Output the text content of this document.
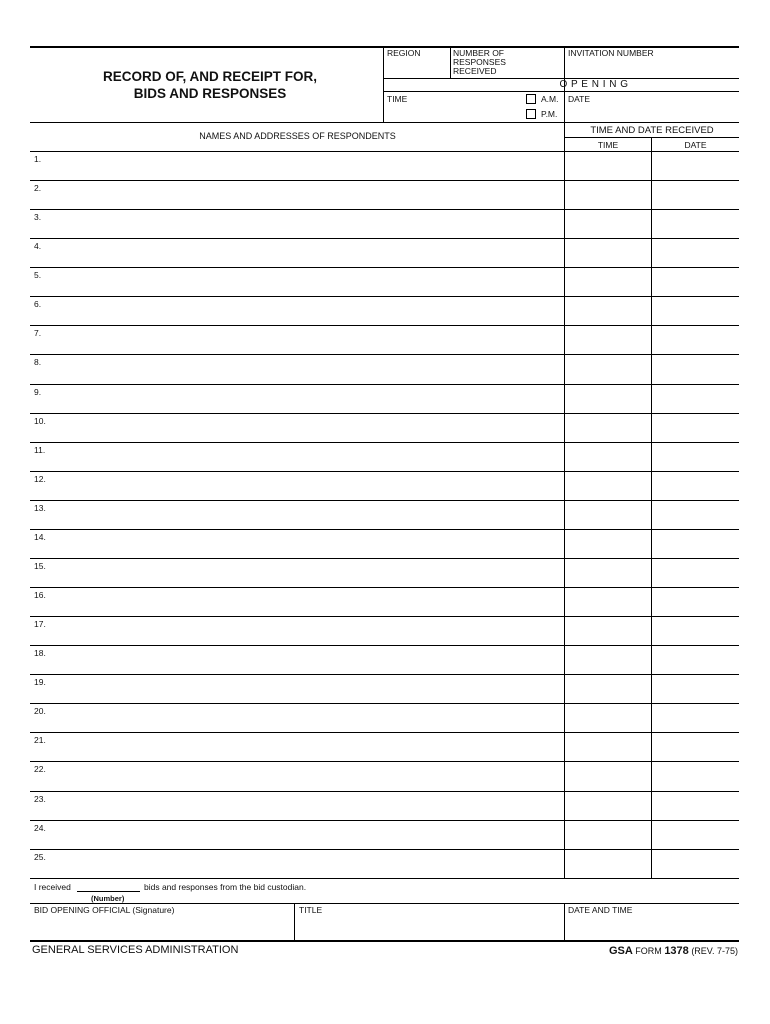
RECORD OF, AND RECEIPT FOR,
BIDS AND RESPONSES
REGION	NUMBER OF
RESPONSES
RECEIVED
INVITATION NUMBER
O P E N I N G
TIME	A.M.
P.M.
DATE
NAMES AND ADDRESSES OF RESPONDENTS	TIME AND DATE RECEIVED
TIME	DATE
1.
2.
3.
4.
5.
6.
7.
8.
9.
10.
11.
12.
13.
14.
15.
16.
17.
18.
19.
20.
21.
22.
23.
24.
25.
I received	bids and responses from the bid custodian.
(Number)
BID OPENING OFFICIAL (Signature)	TITLE	DATE AND TIME
GENERAL SERVICES ADMINISTRATION	GSA FORM 1378 (REV. 7-75)
